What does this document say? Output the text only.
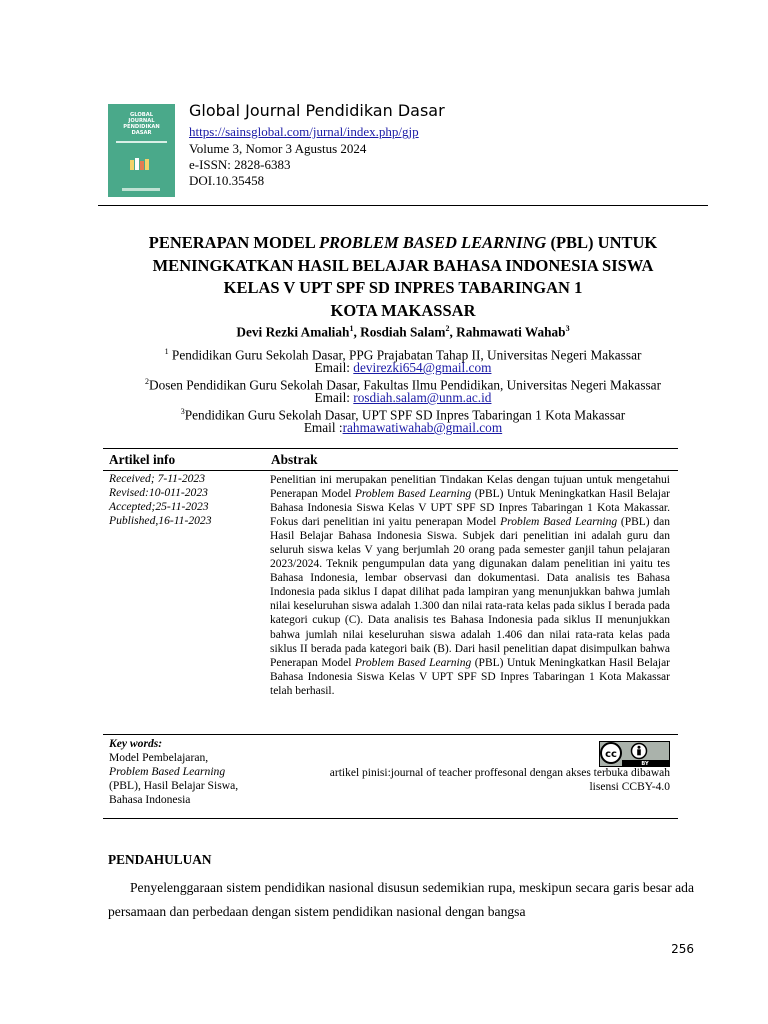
GLOBAL
JOURNAL
PENDIDIKAN
DASAR
Global Journal Pendidikan Dasar
https://sainsglobal.com/jurnal/index.php/gjp
Volume 3, Nomor 3 Agustus 2024
e-ISSN: 2828-6383
DOI.10.35458
PENERAPAN MODEL PROBLEM BASED LEARNING (PBL) UNTUK
MENINGKATKAN HASIL BELAJAR BAHASA INDONESIA SISWA
KELAS V UPT SPF SD INPRES TABARINGAN 1
KOTA MAKASSAR
Devi Rezki Amaliah$^1$, Rosdiah Salam$^2$, Rahmawati Wahab$^3$
$^1$ Pendidikan Guru Sekolah Dasar, PPG Prajabatan Tahap II, Universitas Negeri Makassar
Email: devirezki654@gmail.com
$^2$Dosen Pendidikan Guru Sekolah Dasar, Fakultas Ilmu Pendidikan, Universitas Negeri Makassar
Email: rosdiah.salam@unm.ac.id
$^3$Pendidikan Guru Sekolah Dasar, UPT SPF SD Inpres Tabaringan 1 Kota Makassar
Email :rahmawatiwahab@gmail.com
Artikel info	Abstrak
Received; 7-11-2023
Revised:10-011-2023
Accepted;25-11-2023
Published,16-11-2023
Penelitian ini merupakan penelitian Tindakan Kelas dengan tujuan untuk mengetahui Penerapan Model Problem Based Learning (PBL) Untuk Meningkatkan Hasil Belajar Bahasa Indonesia Siswa Kelas V UPT SPF SD Inpres Tabaringan 1 Kota Makassar. Fokus dari penelitian ini yaitu penerapan Model Problem Based Learning (PBL) dan Hasil Belajar Bahasa Indonesia Siswa. Subjek dari penelitian ini adalah guru dan seluruh siswa kelas V yang berjumlah 20 orang pada semester ganjil tahun pelajaran 2023/2024. Teknik pengumpulan data yang digunakan dalam penelitian ini yaitu tes Bahasa Indonesia, lembar observasi dan dokumentasi. Data analisis tes Bahasa Indonesia pada siklus I dapat dilihat pada lampiran yang menunjukkan bahwa jumlah nilai keseluruhan siswa adalah 1.300 dan nilai rata-rata kelas pada siklus I berada pada kategori cukup (C). Data analisis tes Bahasa Indonesia pada siklus II menunjukkan bahwa jumlah nilai keseluruhan siswa adalah 1.406 dan nilai rata-rata kelas pada siklus II berada pada kategori baik (B). Dari hasil penelitian dapat disimpulkan bahwa Penerapan Model Problem Based Learning (PBL) Untuk Meningkatkan Hasil Belajar Bahasa Indonesia Siswa Kelas V UPT SPF SD Inpres Tabaringan 1 Kota Makassar telah berhasil.
Key words:
Model Pembelajaran,
Problem Based Learning
(PBL), Hasil Belajar Siswa,
Bahasa Indonesia
cc
BY
artikel pinisi:journal of teacher proffesonal dengan akses terbuka dibawah
lisensi CCBY-4.0
PENDAHULUAN
Penyelenggaraan sistem pendidikan nasional disusun sedemikian rupa, meskipun secara garis besar ada persamaan dan perbedaan dengan sistem pendidikan nasional dengan bangsa
256
